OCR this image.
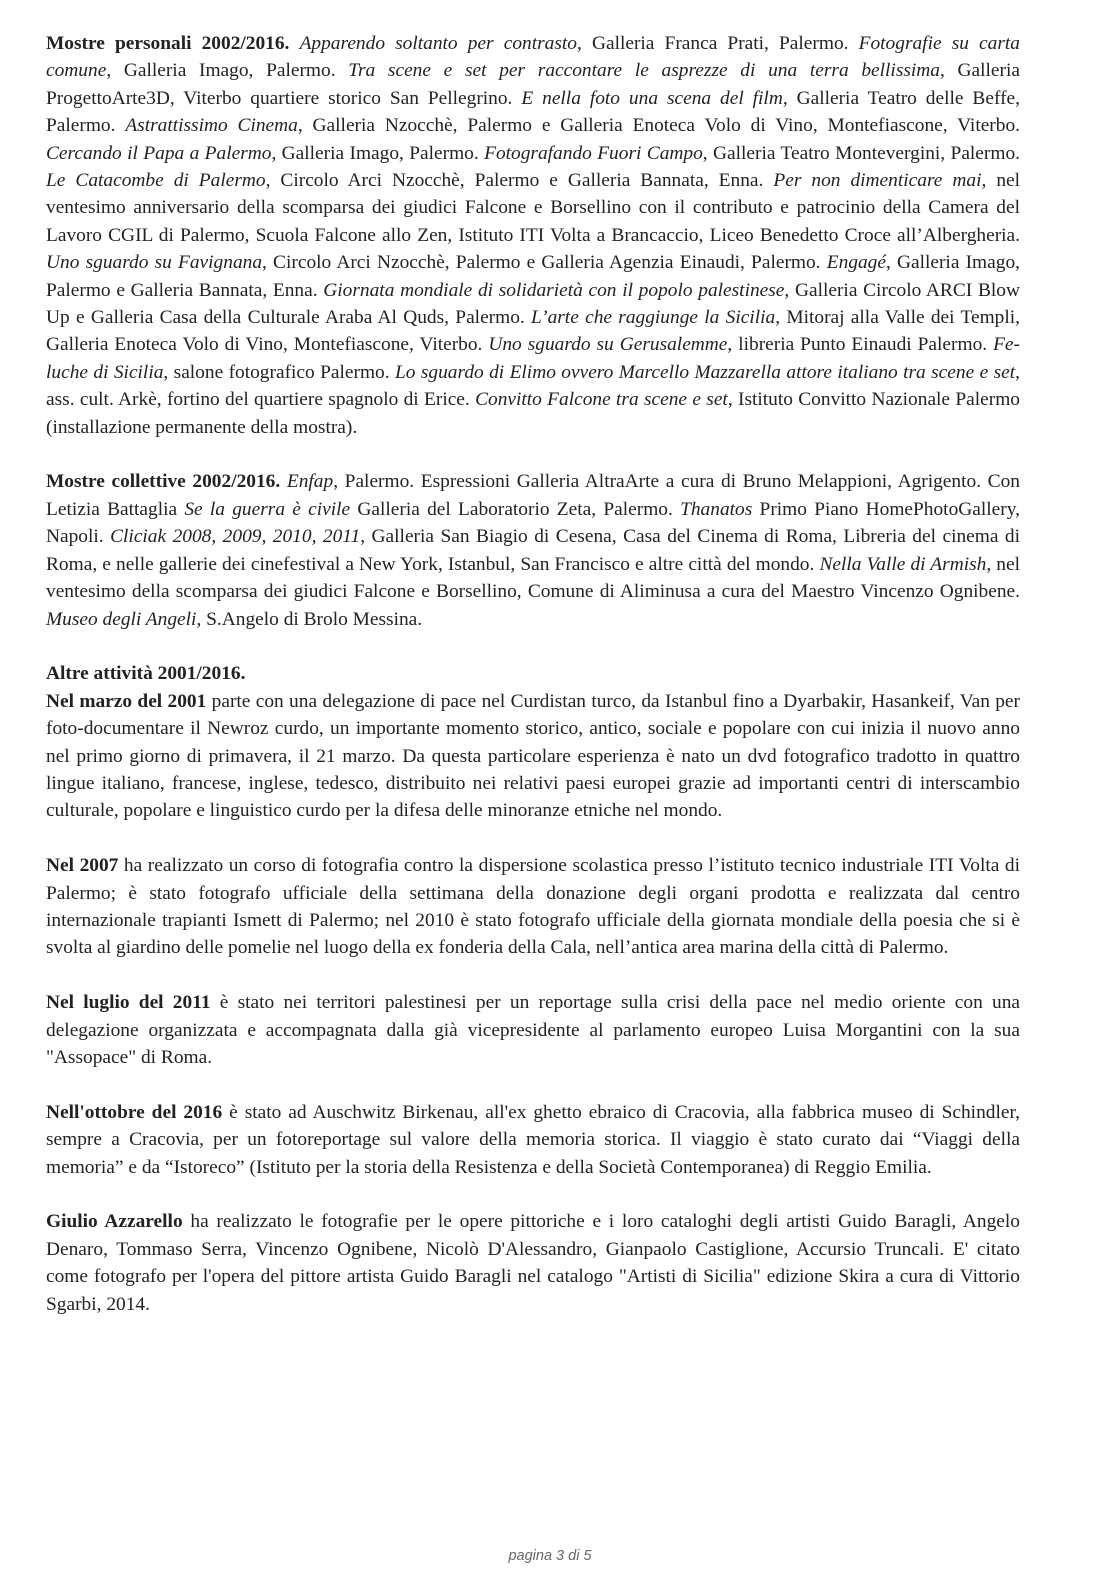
Mostre personali 2002/2016. Apparendo soltanto per contrasto, Galleria Franca Prati, Palermo. Fotografie su carta comune, Galleria Imago, Palermo. Tra scene e set per raccontare le asprezze di una terra bellissima, Galleria ProgettoArte3D, Viterbo quartiere storico San Pellegrino. E nella foto una scena del film, Galleria Teatro delle Beffe, Palermo. Astrattissimo Cinema, Galleria Nzocchè, Palermo e Galleria Enoteca Volo di Vino, Montefiascone, Viterbo. Cercando il Papa a Palermo, Galleria Imago, Palermo. Fotografando Fuori Campo, Galleria Teatro Montevergini, Palermo. Le Catacombe di Palermo, Circolo Arci Nzocchè, Palermo e Galleria Bannata, Enna. Per non dimenticare mai, nel ventesimo anniversario della scomparsa dei giudici Falcone e Borsellino con il contributo e patrocinio della Camera del Lavoro CGIL di Palermo, Scuola Falcone allo Zen, Istituto ITI Volta a Brancaccio, Liceo Benedetto Croce all’Albergheria. Uno sguardo su Favignana, Circolo Arci Nzocchè, Palermo e Galleria Agenzia Einaudi, Palermo. Engagé, Galleria Imago, Palermo e Galleria Bannata, Enna. Giornata mondiale di solidarietà con il popolo palestinese, Galleria Circolo ARCI Blow Up e Galleria Casa della Culturale Araba Al Quds, Palermo. L’arte che raggiunge la Sicilia, Mitoraj alla Valle dei Templi, Galleria Enoteca Volo di Vino, Montefiascone, Viterbo. Uno sguardo su Gerusalemme, libreria Punto Einaudi Palermo. Feluche di Sicilia, salone fotografico Palermo. Lo sguardo di Elimo ovvero Marcello Mazzarella attore italiano tra scene e set, ass. cult. Arkè, fortino del quartiere spagnolo di Erice. Convitto Falcone tra scene e set, Istituto Convitto Nazionale Palermo (installazione permanente della mostra).

Mostre collettive 2002/2016. Enfap, Palermo. Espressioni Galleria AltraArte a cura di Bruno Melappioni, Agrigento. Con Letizia Battaglia Se la guerra è civile Galleria del Laboratorio Zeta, Palermo. Thanatos Primo Piano HomePhotoGallery, Napoli. Cliciak 2008, 2009, 2010, 2011, Galleria San Biagio di Cesena, Casa del Cinema di Roma, Libreria del cinema di Roma, e nelle gallerie dei cinefestival a New York, Istanbul, San Francisco e altre città del mondo. Nella Valle di Armish, nel ventesimo della scomparsa dei giudici Falcone e Borsellino, Comune di Aliminusa a cura del Maestro Vincenzo Ognibene. Museo degli Angeli, S.Angelo di Brolo Messina.

Altre attività 2001/2016.

Nel marzo del 2001 parte con una delegazione di pace nel Curdistan turco, da Istanbul fino a Dyarbakir, Hasankeif, Van per foto-documentare il Newroz curdo, un importante momento storico, antico, sociale e popolare con cui inizia il nuovo anno nel primo giorno di primavera, il 21 marzo. Da questa particolare esperienza è nato un dvd fotografico tradotto in quattro lingue italiano, francese, inglese, tedesco, distribuito nei relativi paesi europei grazie ad importanti centri di interscambio culturale, popolare e linguistico curdo per la difesa delle minoranze etniche nel mondo.

Nel 2007 ha realizzato un corso di fotografia contro la dispersione scolastica presso l’istituto tecnico industriale ITI Volta di Palermo; è stato fotografo ufficiale della settimana della donazione degli organi prodotta e realizzata dal centro internazionale trapianti Ismett di Palermo; nel 2010 è stato fotografo ufficiale della giornata mondiale della poesia che si è svolta al giardino delle pomelie nel luogo della ex fonderia della Cala, nell’antica area marina della città di Palermo.

Nel luglio del 2011 è stato nei territori palestinesi per un reportage sulla crisi della pace nel medio oriente con una delegazione organizzata e accompagnata dalla già vicepresidente al parlamento europeo Luisa Morgantini con la sua "Assopace" di Roma.

Nell'ottobre del 2016 è stato ad Auschwitz Birkenau, all'ex ghetto ebraico di Cracovia, alla fabbrica museo di Schindler, sempre a Cracovia, per un fotoreportage sul valore della memoria storica. Il viaggio è stato curato dai “Viaggi della memoria” e da “Istoreco” (Istituto per la storia della Resistenza e della Società Contemporanea) di Reggio Emilia.

Giulio Azzarello ha realizzato le fotografie per le opere pittoriche e i loro cataloghi degli artisti Guido Baragli, Angelo Denaro, Tommaso Serra, Vincenzo Ognibene, Nicolò D'Alessandro, Gianpaolo Castiglione, Accursio Truncali. E' citato come fotografo per l'opera del pittore artista Guido Baragli nel catalogo "Artisti di Sicilia" edizione Skira a cura di Vittorio Sgarbi, 2014.

pagina 3 di 5
